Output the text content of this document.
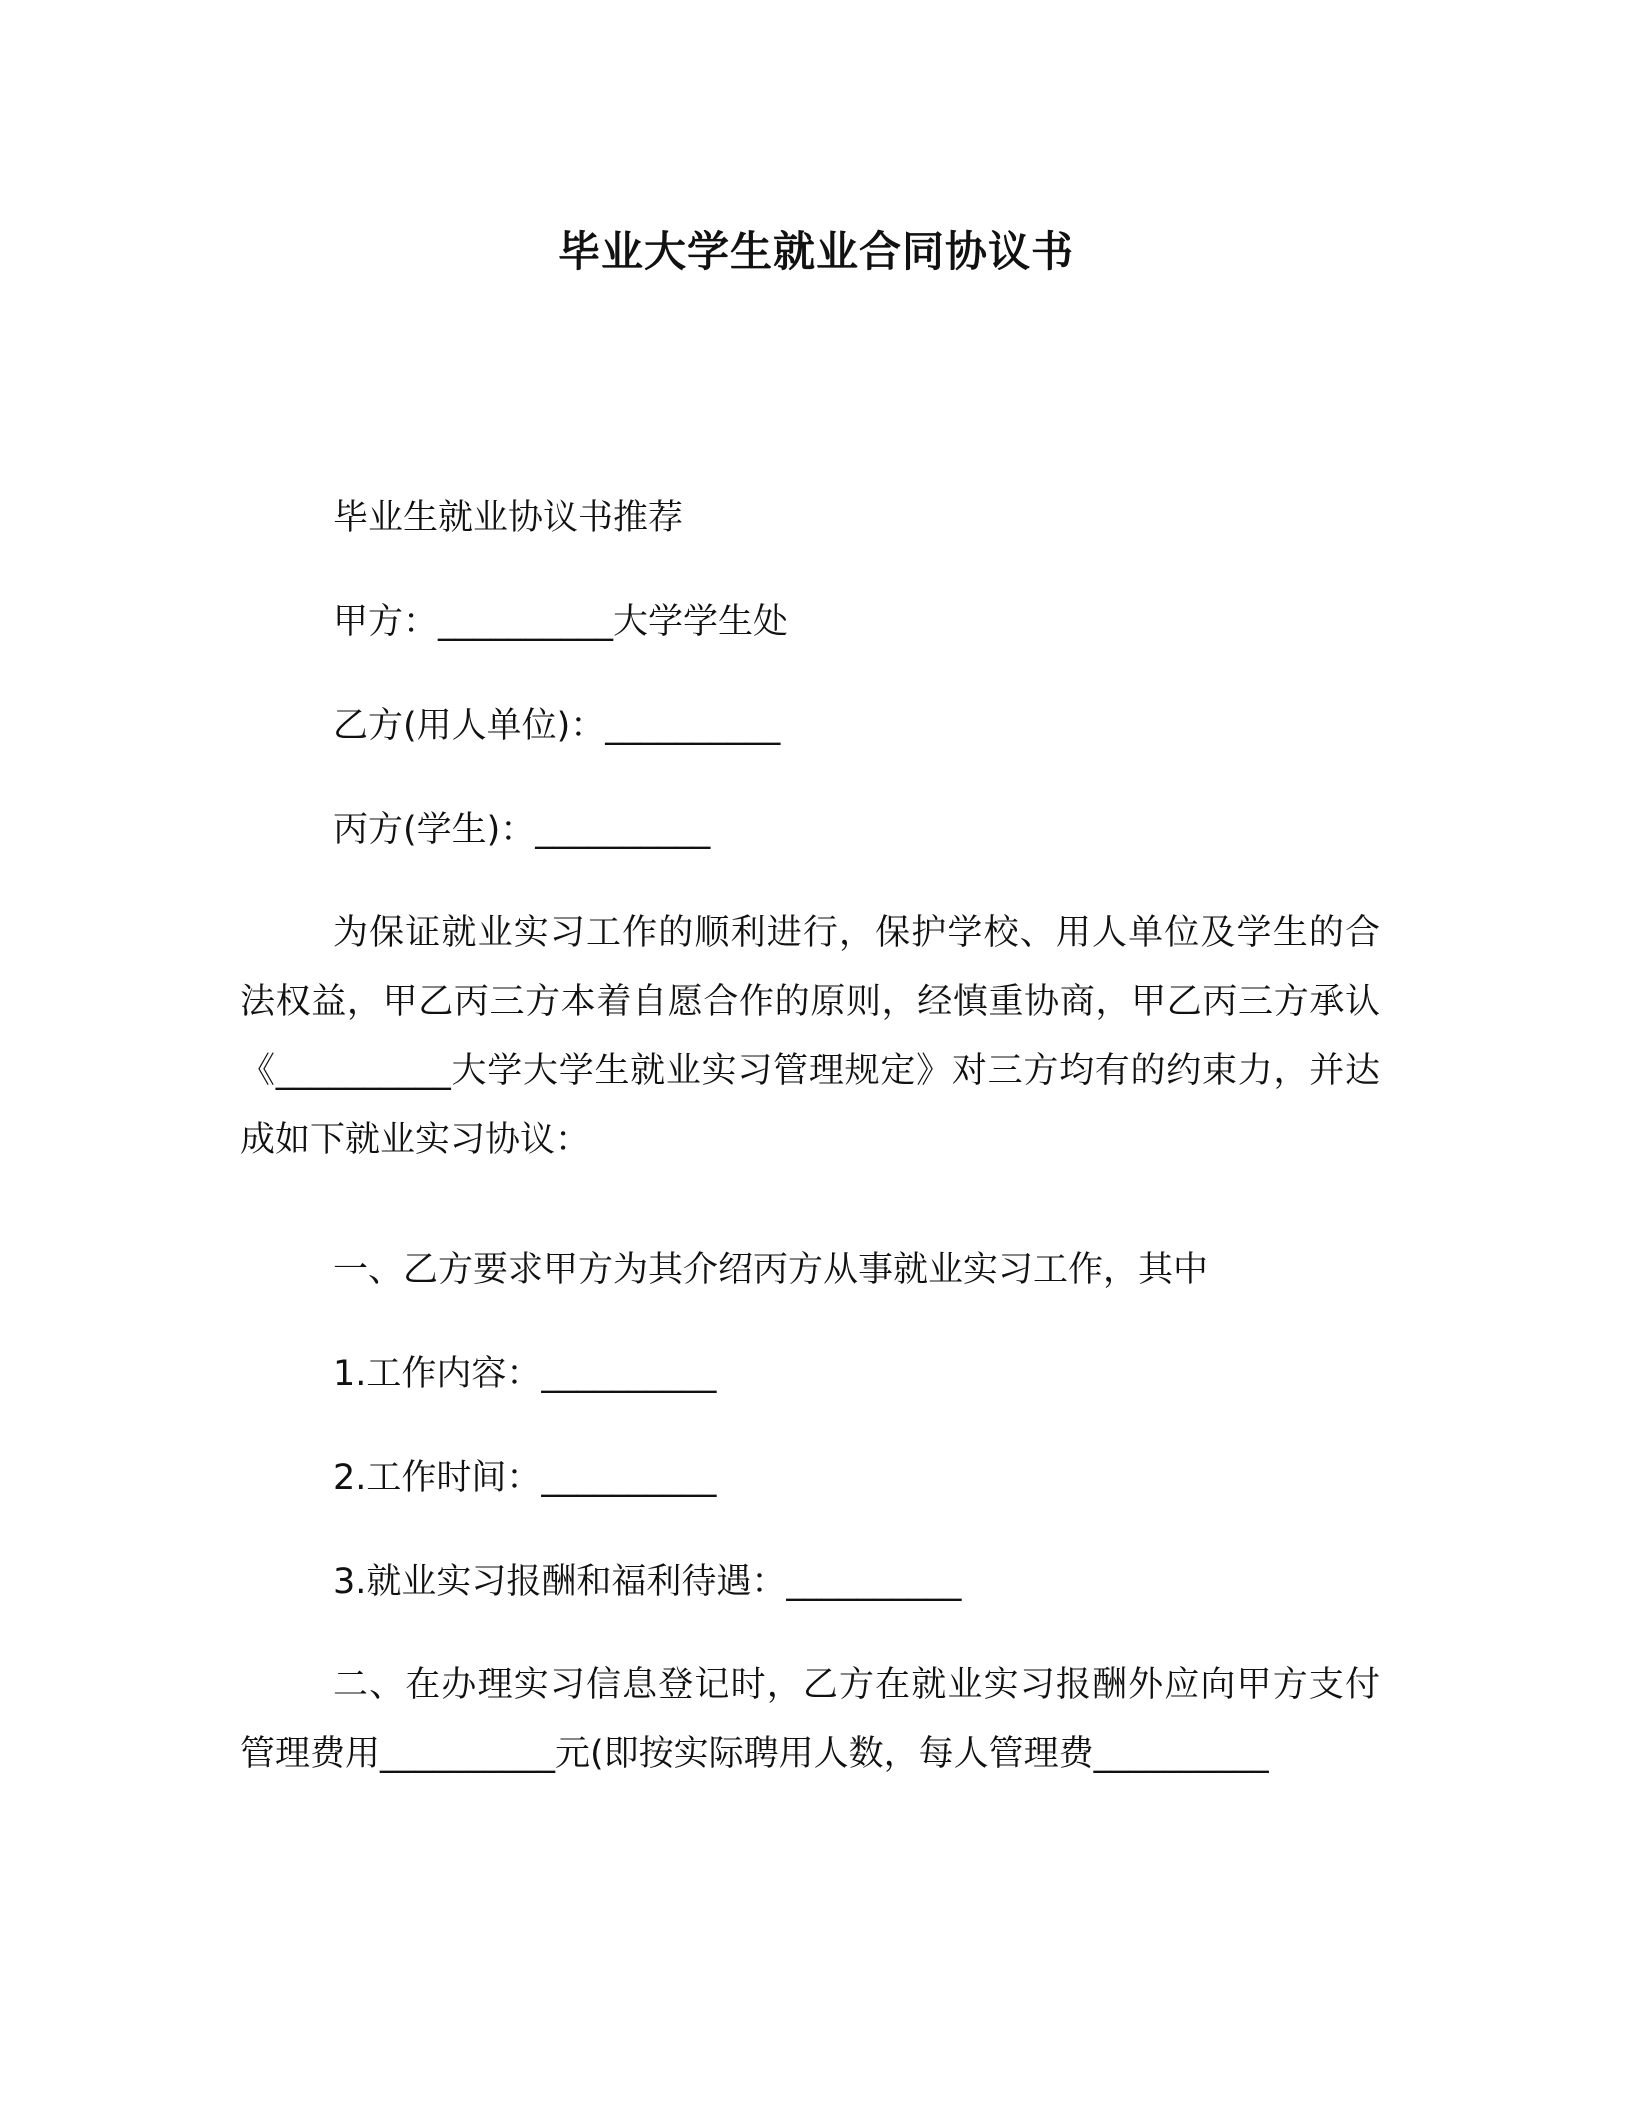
毕业大学生就业合同协议书

毕业生就业协议书推荐

甲方：__________大学学生处

乙方(用人单位)：__________

丙方(学生)：__________

为保证就业实习工作的顺利进行，保护学校、用人单位及学生的合法权益，甲乙丙三方本着自愿合作的原则，经慎重协商，甲乙丙三方承认《__________大学大学生就业实习管理规定》对三方均有的约束力，并达成如下就业实习协议：

一、乙方要求甲方为其介绍丙方从事就业实习工作，其中

1.工作内容：__________

2.工作时间：__________

3.就业实习报酬和福利待遇：__________

二、在办理实习信息登记时，乙方在就业实习报酬外应向甲方支付管理费用__________元(即按实际聘用人数，每人管理费__________
